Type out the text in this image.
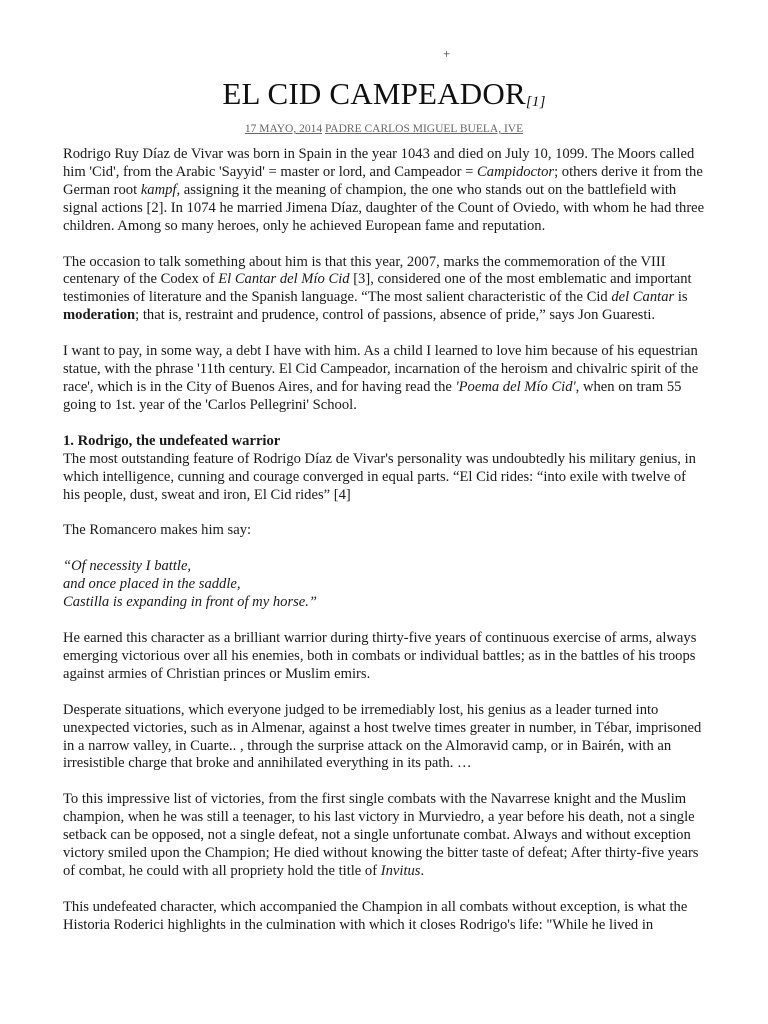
+
EL CID CAMPEADOR[1]
17 MAYO, 2014 PADRE CARLOS MIGUEL BUELA, IVE

Rodrigo Ruy Díaz de Vivar was born in Spain in the year 1043 and died on July 10, 1099. The Moors called him 'Cid', from the Arabic 'Sayyid' = master or lord, and Campeador = Campidoctor; others derive it from the German root kampf, assigning it the meaning of champion, the one who stands out on the battlefield with signal actions [2]. In 1074 he married Jimena Díaz, daughter of the Count of Oviedo, with whom he had three children. Among so many heroes, only he achieved European fame and reputation.

The occasion to talk something about him is that this year, 2007, marks the commemoration of the VIII centenary of the Codex of El Cantar del Mío Cid [3], considered one of the most emblematic and important testimonies of literature and the Spanish language. “The most salient characteristic of the Cid del Cantar is moderation; that is, restraint and prudence, control of passions, absence of pride,” says Jon Guaresti.

I want to pay, in some way, a debt I have with him. As a child I learned to love him because of his equestrian statue, with the phrase '11th century. El Cid Campeador, incarnation of the heroism and chivalric spirit of the race', which is in the City of Buenos Aires, and for having read the 'Poema del Mío Cid', when on tram 55 going to 1st. year of the 'Carlos Pellegrini' School.

1. Rodrigo, the undefeated warrior

The most outstanding feature of Rodrigo Díaz de Vivar's personality was undoubtedly his military genius, in which intelligence, cunning and courage converged in equal parts. “El Cid rides: “into exile with twelve of his people, dust, sweat and iron, El Cid rides” [4]

The Romancero makes him say:

“Of necessity I battle,
and once placed in the saddle,
Castilla is expanding in front of my horse.”

He earned this character as a brilliant warrior during thirty-five years of continuous exercise of arms, always emerging victorious over all his enemies, both in combats or individual battles; as in the battles of his troops against armies of Christian princes or Muslim emirs.

Desperate situations, which everyone judged to be irremediably lost, his genius as a leader turned into unexpected victories, such as in Almenar, against a host twelve times greater in number, in Tébar, imprisoned in a narrow valley, in Cuarte.. , through the surprise attack on the Almoravid camp, or in Bairén, with an irresistible charge that broke and annihilated everything in its path. …

To this impressive list of victories, from the first single combats with the Navarrese knight and the Muslim champion, when he was still a teenager, to his last victory in Murviedro, a year before his death, not a single setback can be opposed, not a single defeat, not a single unfortunate combat. Always and without exception victory smiled upon the Champion; He died without knowing the bitter taste of defeat; After thirty-five years of combat, he could with all propriety hold the title of Invitus.

This undefeated character, which accompanied the Champion in all combats without exception, is what the Historia Roderici highlights in the culmination with which it closes Rodrigo's life: "While he lived in
